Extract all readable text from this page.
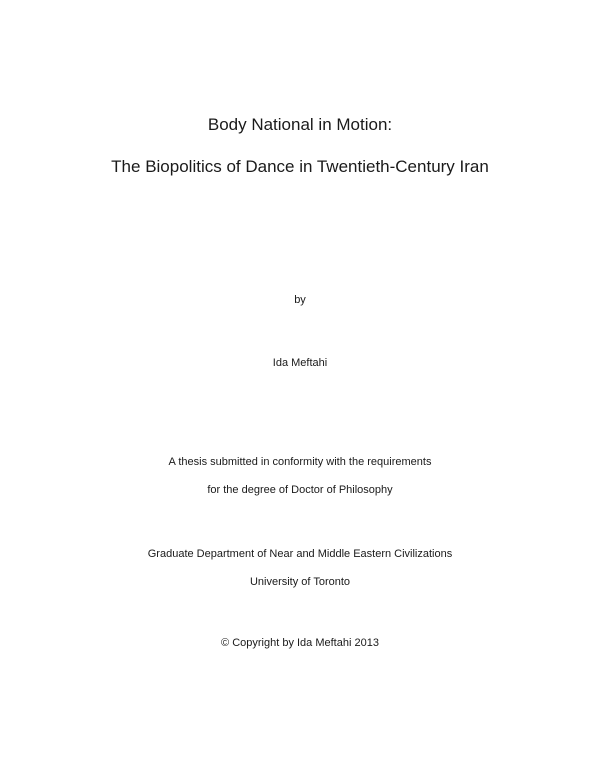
Body National in Motion:
The Biopolitics of Dance in Twentieth-Century Iran
by
Ida Meftahi
A thesis submitted in conformity with the requirements
for the degree of Doctor of Philosophy
Graduate Department of Near and Middle Eastern Civilizations
University of Toronto
© Copyright by Ida Meftahi 2013
